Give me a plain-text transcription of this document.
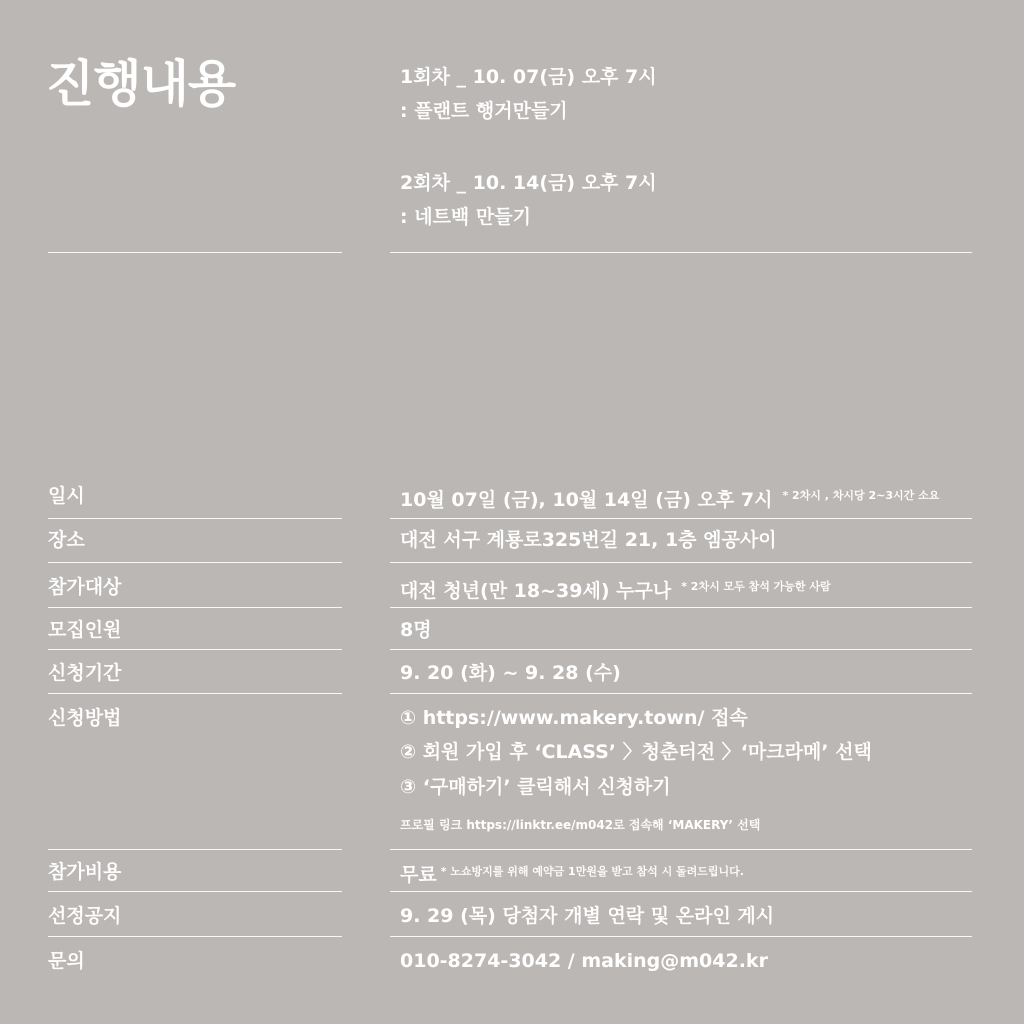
진행내용	1회차 _ 10. 07(금) 오후 7시
: 플랜트 행거만들기
2회차 _ 10. 14(금) 오후 7시
: 네트백 만들기
일시	10월 07일 (금), 10월 14일 (금) 오후 7시 $^{* 2차시 , 차시당 2\sim 3시간 소요}$
장소	대전 서구 계룡로325번길 21, 1층 엠공사이
참가대상	대전 청년(만 18~39세) 누구나 $^{* 2차시 모두 참석 가능한 사람}$
모집인원	8명
신청기간	9. 20 (화) ~ 9. 28 (수)
신청방법	① https://www.makery.town/ 접속
② 회원 가입 후 ‘CLASS’ 〉청춘터전 〉‘마크라메’ 선택
③ ‘구매하기’ 클릭해서 신청하기
프로필 링크 https://linktr.ee/m042로 접속해 ‘MAKERY’ 선택
참가비용	무료 $^{* 노쇼방지를 위해 예약금 1만원을 받고 참석 시 돌려드립니다.}$
선정공지	9. 29 (목) 당첨자 개별 연락 및 온라인 게시
문의	010-8274-3042 / making@m042.kr
